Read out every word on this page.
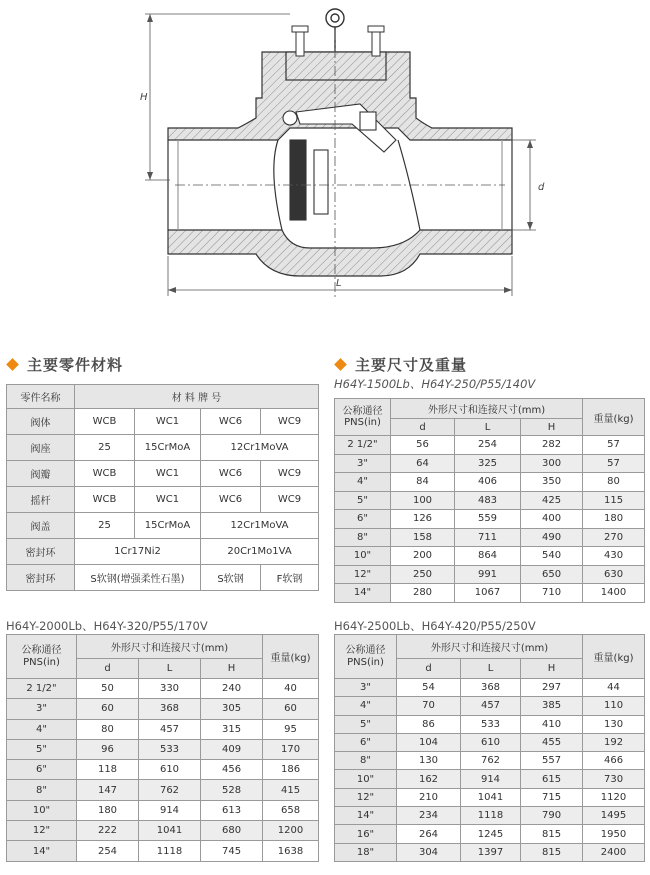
H
d
L
主要零件材料	主要尺寸及重量
H64Y-1500Lb、H64Y-250/P55/140V
H64Y-2000Lb、H64Y-320/P55/170V	H64Y-2500Lb、H64Y-420/P55/250V
零件名称	材 料 牌 号			
阀体	WCB	WC1	WC6	WC9
阀座	25	15CrMoA	12Cr1MoVA	
阀瓣	WCB	WC1	WC6	WC9
摇杆	WCB	WC1	WC6	WC9
阀盖	25	15CrMoA	12Cr1MoVA	
密封环	1Cr17Ni2		20Cr1Mo1VA	
密封环	S软钢(增强柔性石墨)		S软钢	F软钢
公称通径 PNS(in)	外形尺寸和连接尺寸(mm)			重量(kg)
	d	L	H	
2 1/2"	56	254	282	57
3"	64	325	300	57
4"	84	406	350	80
5"	100	483	425	115
6"	126	559	400	180
8"	158	711	490	270
10"	200	864	540	430
12"	250	991	650	630
14"	280	1067	710	1400
公称通径 PNS(in)	外形尺寸和连接尺寸(mm)			重量(kg)
	d	L	H	
2 1/2"	50	330	240	40
3"	60	368	305	60
4"	80	457	315	95
5"	96	533	409	170
6"	118	610	456	186
8"	147	762	528	415
10"	180	914	613	658
12"	222	1041	680	1200
14"	254	1118	745	1638
公称通径 PNS(in)	外形尺寸和连接尺寸(mm)			重量(kg)
	d	L	H	
3"	54	368	297	44
4"	70	457	385	110
5"	86	533	410	130
6"	104	610	455	192
8"	130	762	557	466
10"	162	914	615	730
12"	210	1041	715	1120
14"	234	1118	790	1495
16"	264	1245	815	1950
18"	304	1397	815	2400
